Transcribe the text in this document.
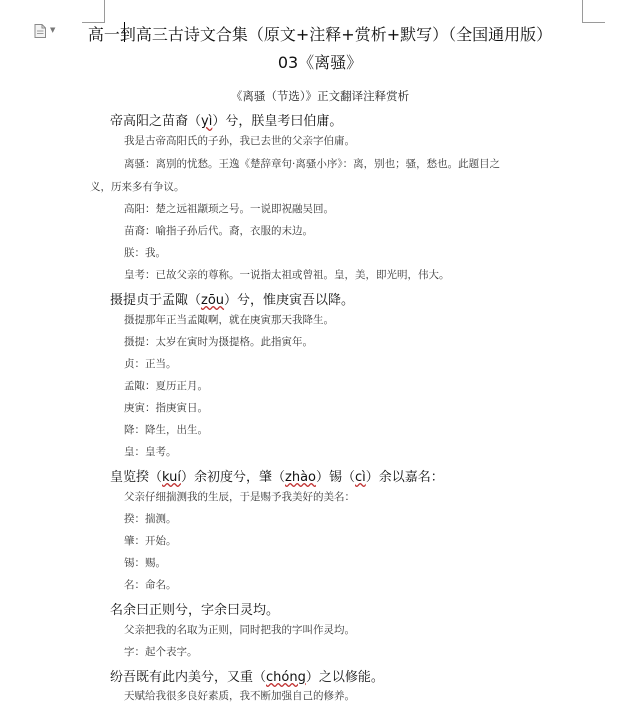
▼	高一到高三古诗文合集（原文+注释+赏析+默写）（全国通用版）
03《离骚》
《离骚（节选）》正文翻译注释赏析
帝高阳之苗裔（yì）兮，朕皇考曰伯庸。
我是古帝高阳氏的子孙，我已去世的父亲字伯庸。
离骚：离别的忧愁。王逸《楚辞章句·离骚小序》：离，别也；骚，愁也。此题目之
义，历来多有争议。
高阳：楚之远祖颛顼之号。一说即祝融吴回。
苗裔：喻指子孙后代。裔，衣服的末边。
朕：我。
皇考：已故父亲的尊称。一说指太祖或曾祖。皇，美，即光明，伟大。
摄提贞于孟陬（zōu）兮，惟庚寅吾以降。
摄提那年正当孟陬啊，就在庚寅那天我降生。
摄提：太岁在寅时为摄提格。此指寅年。
贞：正当。
孟陬：夏历正月。
庚寅：指庚寅日。
降：降生，出生。
皇：皇考。
皇览揆（kuí）余初度兮，肇（zhào）锡（cì）余以嘉名：
父亲仔细揣测我的生辰，于是赐予我美好的美名：
揆：揣测。
肇：开始。
锡：赐。
名：命名。
名余曰正则兮，字余曰灵均。
父亲把我的名取为正则，同时把我的字叫作灵均。
字：起个表字。
纷吾既有此内美兮，又重（chóng）之以修能。
天赋给我很多良好素质，我不断加强自己的修养。
